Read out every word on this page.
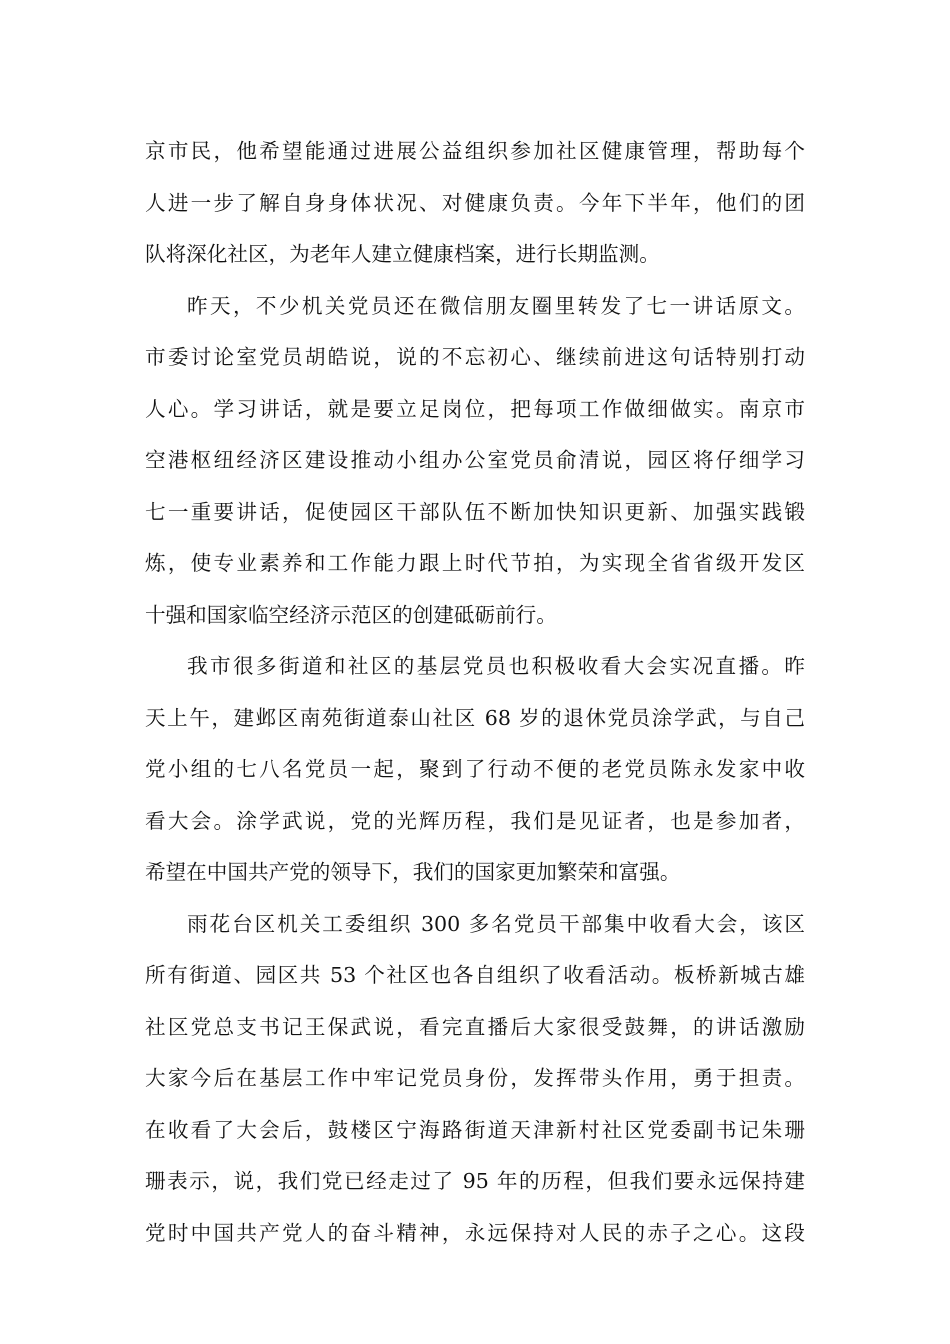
京市民，他希望能通过进展公益组织参加社区健康管理，帮助每个
人进一步了解自身身体状况、对健康负责。今年下半年，他们的团
队将深化社区，为老年人建立健康档案，进行长期监测。
昨天，不少机关党员还在微信朋友圈里转发了七一讲话原文。
市委讨论室党员胡皓说，说的不忘初心、继续前进这句话特别打动
人心。学习讲话，就是要立足岗位，把每项工作做细做实。南京市
空港枢纽经济区建设推动小组办公室党员俞清说，园区将仔细学习
七一重要讲话，促使园区干部队伍不断加快知识更新、加强实践锻
炼，使专业素养和工作能力跟上时代节拍，为实现全省省级开发区
十强和国家临空经济示范区的创建砥砺前行。
我市很多街道和社区的基层党员也积极收看大会实况直播。昨
天上午，建邺区南苑街道泰山社区 68 岁的退休党员涂学武，与自己
党小组的七八名党员一起，聚到了行动不便的老党员陈永发家中收
看大会。涂学武说，党的光辉历程，我们是见证者，也是参加者，
希望在中国共产党的领导下，我们的国家更加繁荣和富强。
雨花台区机关工委组织 300 多名党员干部集中收看大会，该区
所有街道、园区共 53 个社区也各自组织了收看活动。板桥新城古雄
社区党总支书记王保武说，看完直播后大家很受鼓舞，的讲话激励
大家今后在基层工作中牢记党员身份，发挥带头作用，勇于担责。
在收看了大会后，鼓楼区宁海路街道天津新村社区党委副书记朱珊
珊表示，说，我们党已经走过了 95 年的历程，但我们要永远保持建
党时中国共产党人的奋斗精神，永远保持对人民的赤子之心。这段
